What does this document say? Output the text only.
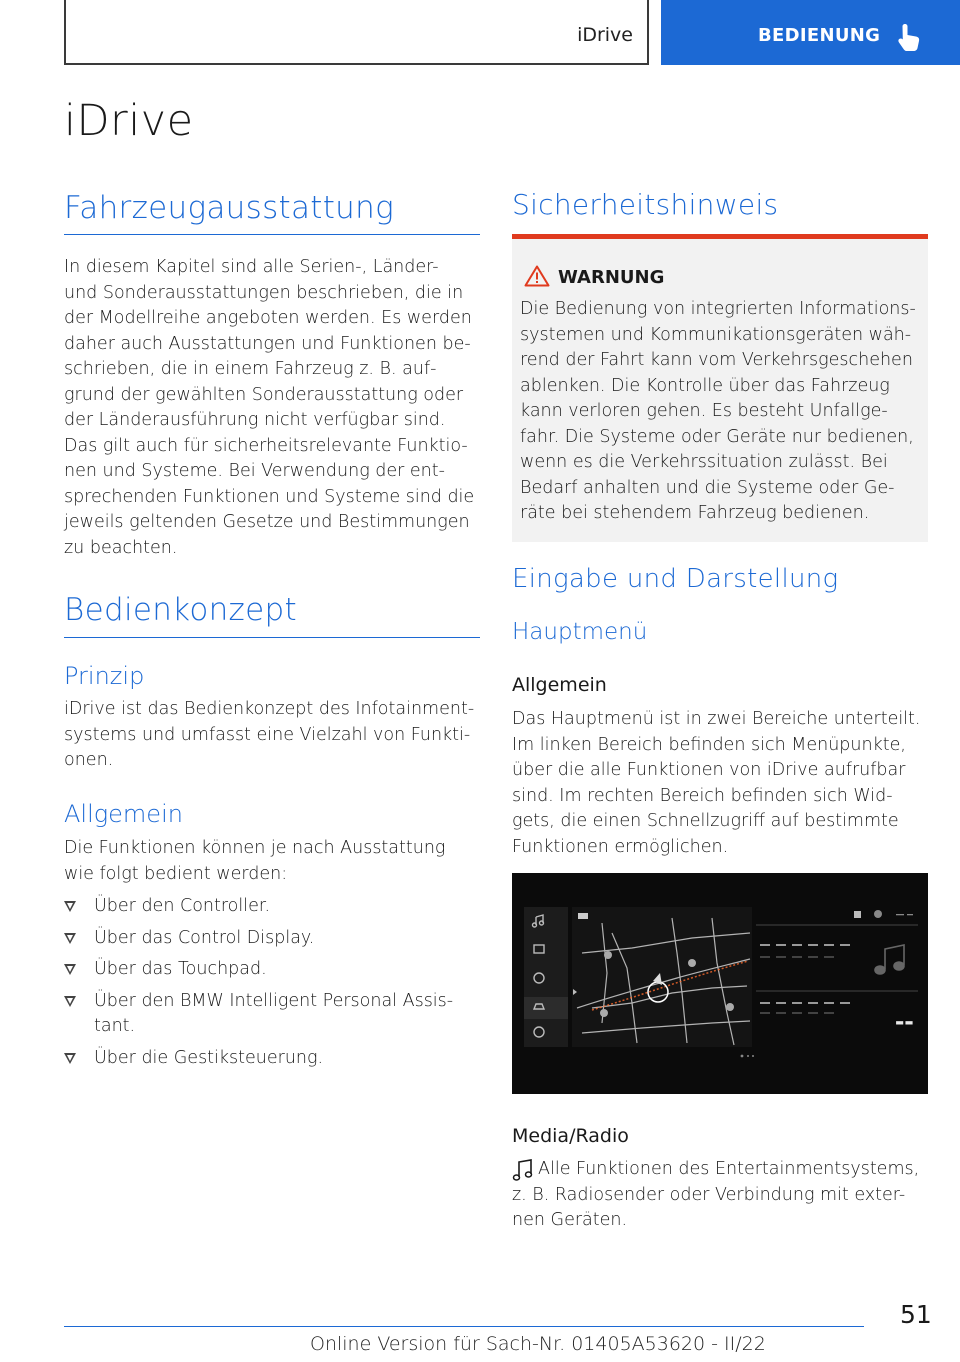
iDrive	BEDIENUNG
iDrive
Fahrzeugausstattung
In diesem Kapitel sind alle Serien-, Länder-
und Sonderausstattungen beschrieben, die in
der Modellreihe angeboten werden. Es werden
daher auch Ausstattungen und Funktionen be-
schrieben, die in einem Fahrzeug z. B. auf-
grund der gewählten Sonderausstattung oder
der Länderausführung nicht verfügbar sind.
Das gilt auch für sicherheitsrelevante Funktio-
nen und Systeme. Bei Verwendung der ent-
sprechenden Funktionen und Systeme sind die
jeweils geltenden Gesetze und Bestimmungen
zu beachten.
Bedienkonzept
Prinzip
iDrive ist das Bedienkonzept des Infotainment-
systems und umfasst eine Vielzahl von Funkti-
onen.
Allgemein
Die Funktionen können je nach Ausstattung
wie folgt bedient werden:
Über den Controller.
Über das Control Display.
Über das Touchpad.
Über den BMW Intelligent Personal Assis-
tant.
Über die Gestiksteuerung.
Sicherheitshinweis
WARNUNG
Die Bedienung von integrierten Informations-
systemen und Kommunikationsgeräten wäh-
rend der Fahrt kann vom Verkehrsgeschehen
ablenken. Die Kontrolle über das Fahrzeug
kann verloren gehen. Es besteht Unfallge-
fahr. Die Systeme oder Geräte nur bedienen,
wenn es die Verkehrssituation zulässt. Bei
Bedarf anhalten und die Systeme oder Ge-
räte bei stehendem Fahrzeug bedienen.
Eingabe und Darstellung
Hauptmenü
Allgemein
Das Hauptmenü ist in zwei Bereiche unterteilt.
Im linken Bereich befinden sich Menüpunkte,
über die alle Funktionen von iDrive aufrufbar
sind. Im rechten Bereich befinden sich Wid-
gets, die einen Schnellzugriff auf bestimmte
Funktionen ermöglichen.
--
Media/Radio
Alle Funktionen des Entertainmentsystems,
z. B. Radiosender oder Verbindung mit exter-
nen Geräten.
51
Online Version für Sach-Nr. 01405A53620 - II/22
